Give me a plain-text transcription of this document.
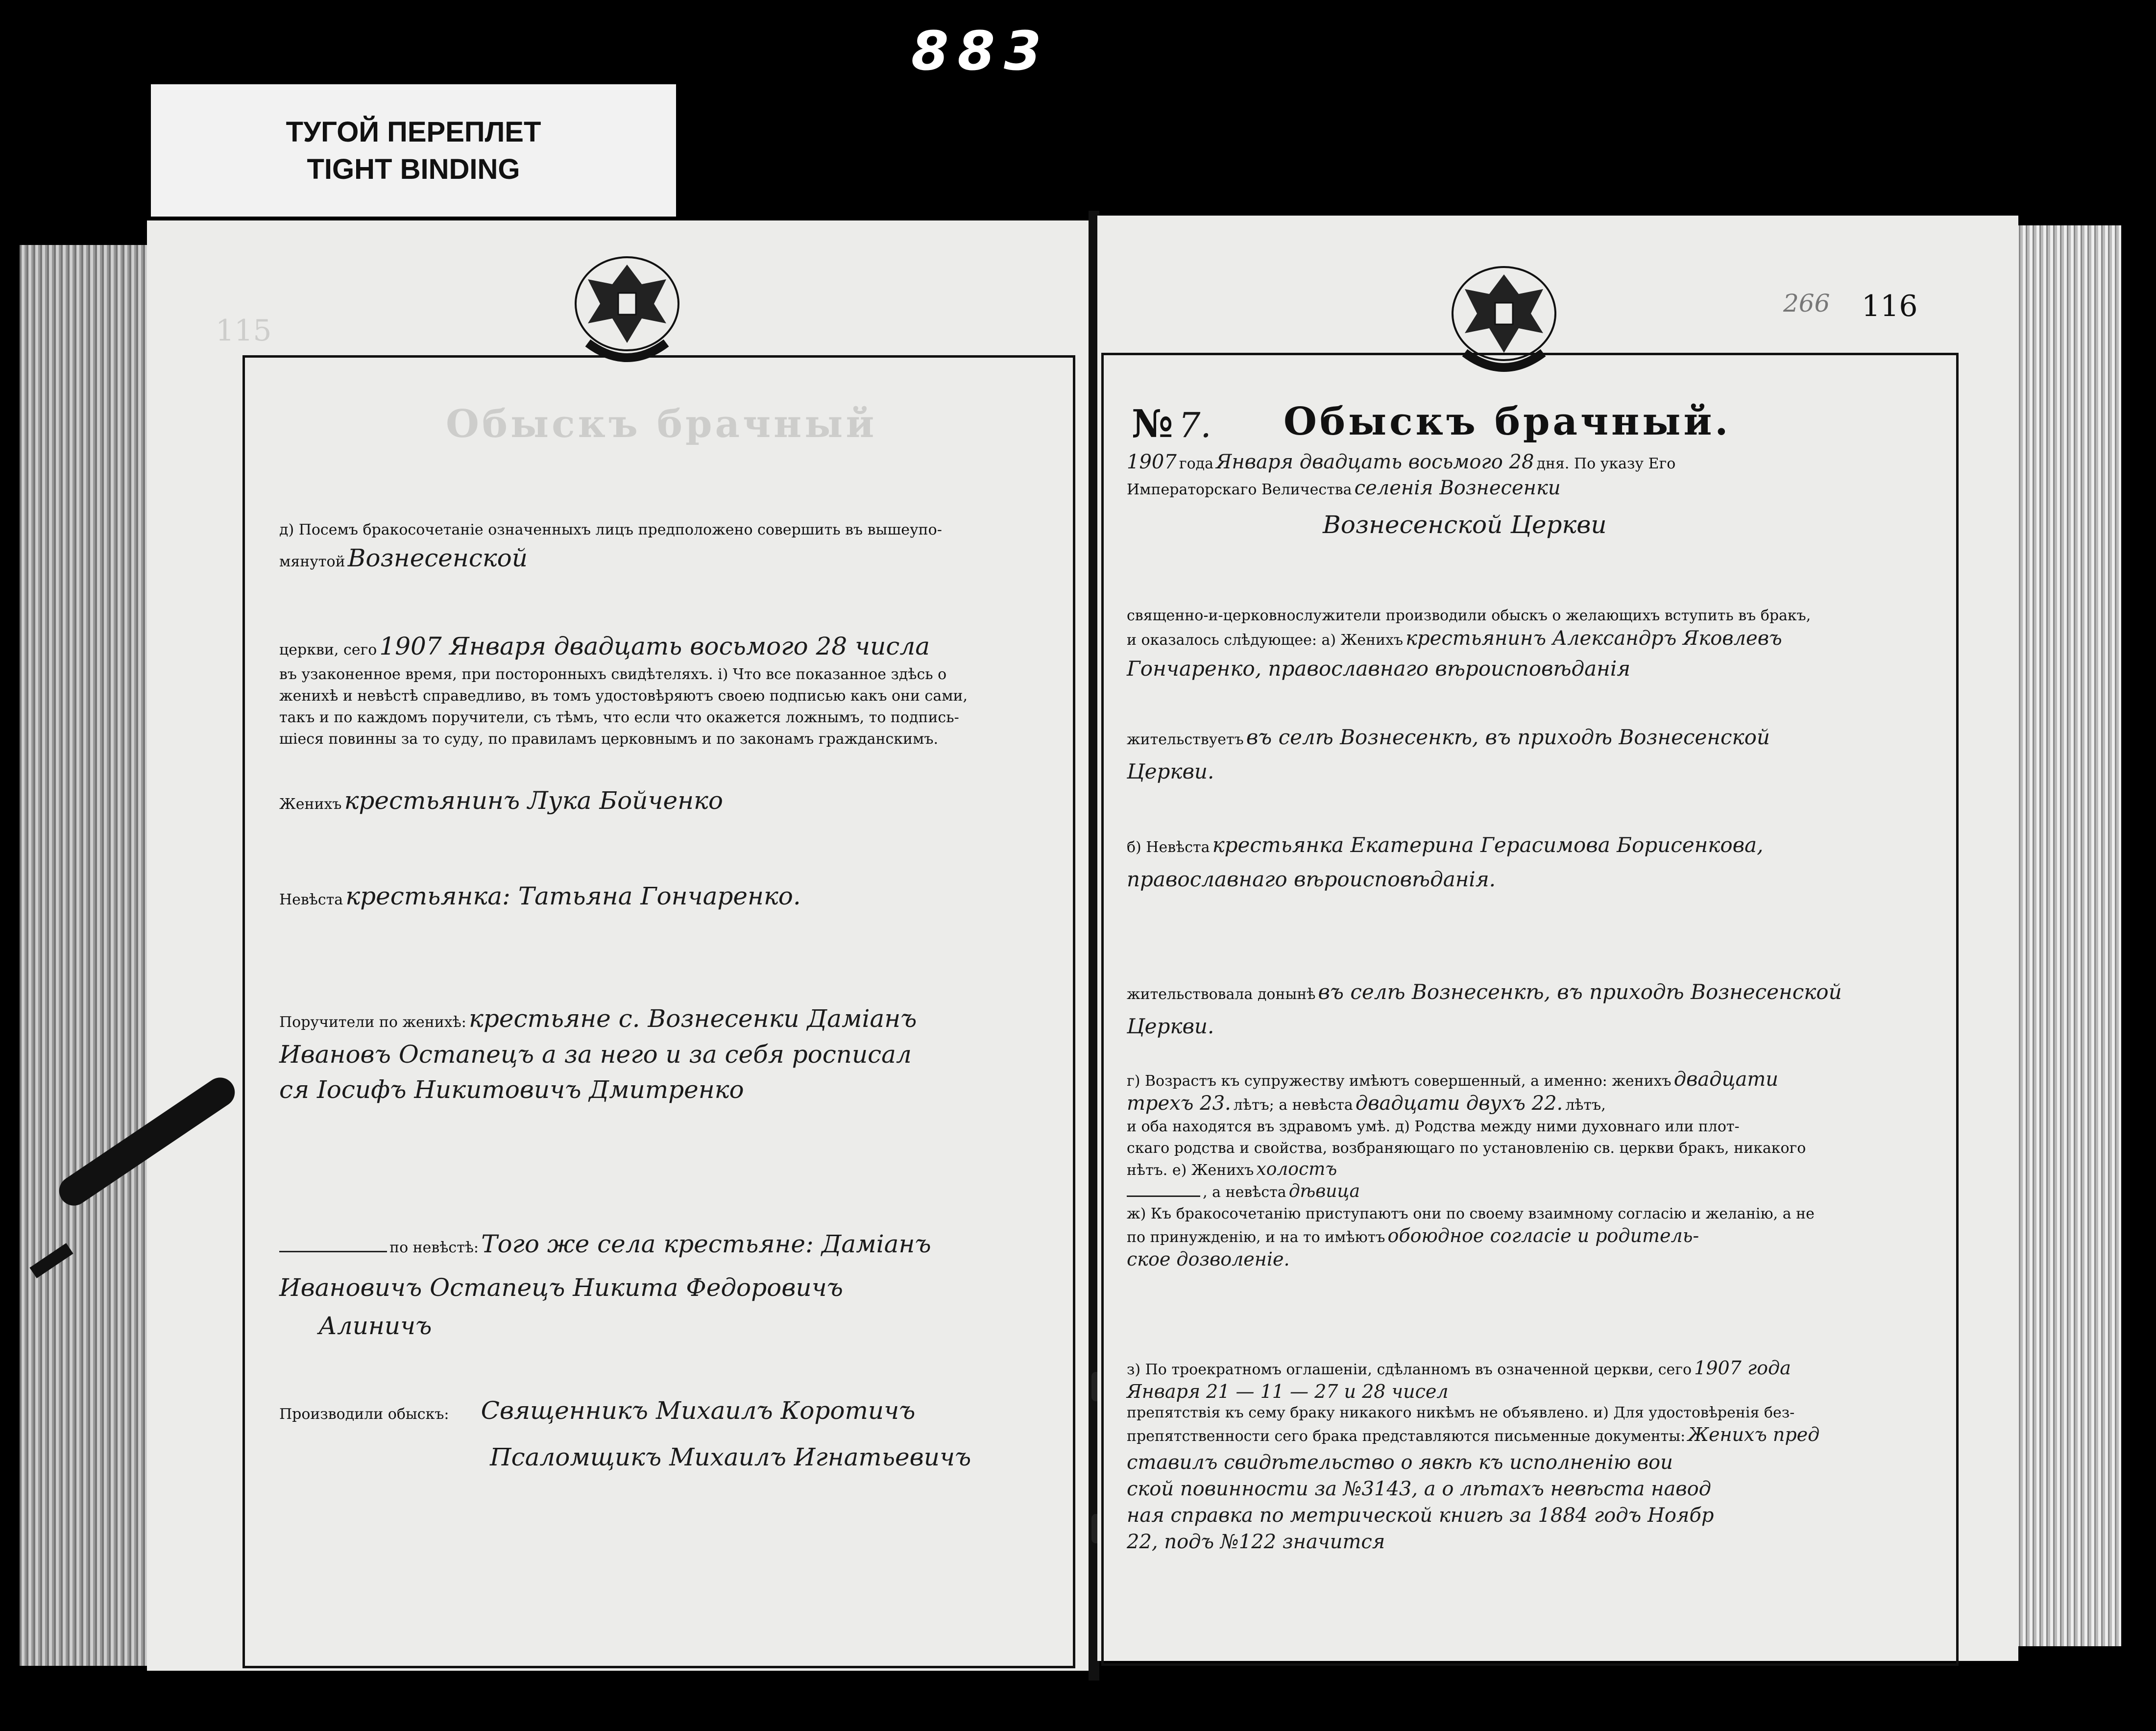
883
ТУГОЙ ПЕРЕПЛЕТ
TIGHT BINDING
115
Обыскъ брачный
д) Посемъ бракосочетаніе означенныхъ лицъ предположено совершить въ вышеупо-
мянутой Вознесенской
церкви, сего 1907 Января двадцать восьмого 28 числа
въ узаконенное время, при посторонныхъ свидѣтеляхъ. і) Что все показанное здѣсь о
женихѣ и невѣстѣ справедливо, въ томъ удостовѣряютъ своею подписью какъ они сами,
такъ и по каждомъ поручители, съ тѣмъ, что если что окажется ложнымъ, то подпись-
шіеся повинны за то суду, по правиламъ церковнымъ и по законамъ гражданскимъ.
Женихъ крестьянинъ Лука Бойченко
Невѣста крестьянка: Татьяна Гончаренко.
Поручители по женихѣ: крестьяне с. Вознесенки Даміанъ
Ивановъ Остапецъ а за него и за себя росписал
ся Іосифъ Никитовичъ Дмитренко
по невѣстѣ: Того же села крестьяне: Даміанъ
Ивановичъ Остапецъ Никита Федоровичъ
Алиничъ
Производили обыскъ: Священникъ Михаилъ Коротичъ
Псаломщикъ Михаилъ Игнатьевичъ
266 116
№ 7. Обыскъ брачный.
1907 года Января двадцать восьмого 28 дня. По указу Его
Императорскаго Величества селенія Вознесенки
Вознесенской Церкви
священно-и-церковнослужители производили обыскъ о желающихъ вступить въ бракъ,
и оказалось слѣдующее: а) Женихъ крестьянинъ Александръ Яковлевъ
Гончаренко, православнаго вѣроисповѣданія
жительствуетъ въ селѣ Вознесенкѣ, въ приходѣ Вознесенской
Церкви.
б) Невѣста крестьянка Екатерина Герасимова Борисенкова,
православнаго вѣроисповѣданія.
жительствовала донынѣ въ селѣ Вознесенкѣ, въ приходѣ Вознесенской
Церкви.
г) Возрастъ къ супружеству имѣютъ совершенный, а именно: женихъ двадцати
трехъ 23. лѣтъ; а невѣста двадцати двухъ 22. лѣтъ,
и оба находятся въ здравомъ умѣ. д) Родства между ними духовнаго или плот-
скаго родства и свойства, возбраняющаго по установленію св. церкви бракъ, никакого
нѣтъ. е) Женихъ холостъ
, а невѣста дѣвица
ж) Къ бракосочетанію приступаютъ они по своему взаимному согласію и желанію, а не
по принужденію, и на то имѣютъ обоюдное согласіе и родитель-
ское дозволеніе.
з) По троекратномъ оглашеніи, сдѣланномъ въ означенной церкви, сего 1907 года
Января 21 — 11 — 27 и 28 чисел
препятствія къ сему браку никакого никѣмъ не объявлено. и) Для удостовѣренія без-
препятственности сего брака представляются письменные документы: Женихъ пред
ставилъ свидѣтельство о явкѣ къ исполненію вои
ской повинности за №3143, а о лѣтахъ невѣста навод
ная справка по метрической книгѣ за 1884 годъ Ноябр
22, подъ №122 значится
